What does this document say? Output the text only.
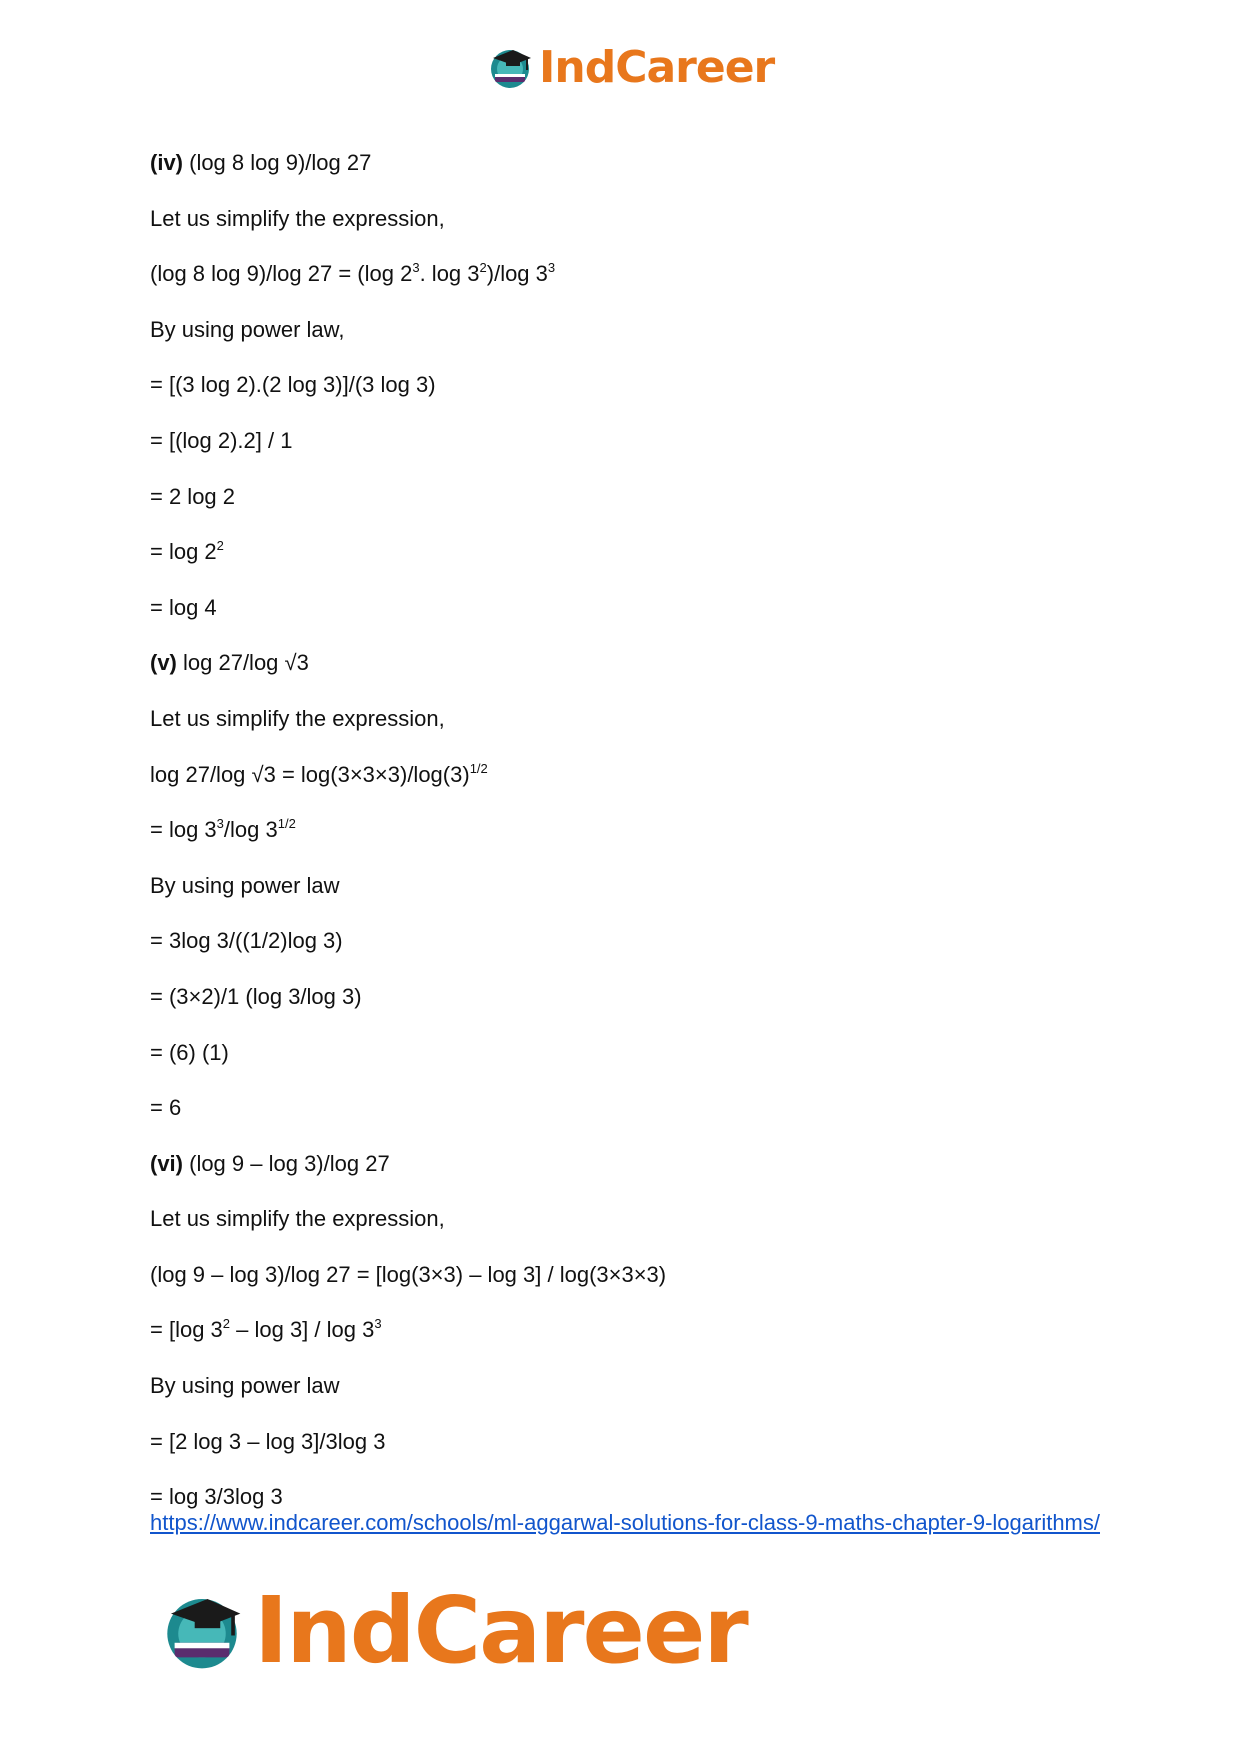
IndCareer
(iv) (log 8 log 9)/log 27
Let us simplify the expression,
(log 8 log 9)/log 27 = (log $2^3$. $\log 3^2)/\log$ $3^3$
By using power law,
= [(3 log 2).(2 log 3)]/(3 log 3)
= [(log 2).2] / 1
= 2 log 2
= $\log 2^2$
= log 4
(v) log 27/log √3
Let us simplify the expression,
log 27/log $√3 = \log(3\times 3\times 3)/\log(3)^{1/2}$
= $\log 3^3/\log$ $3^{1/2}$
By using power law
= 3log 3/((1/2)log 3)
= (3×2)/1 (log 3/log 3)
= (6) (1)
= 6
(vi) (log 9 – log 3)/log 27
Let us simplify the expression,
(log 9 – log 3)/log 27 = [log(3×3) – log 3] / log(3×3×3)
= [log $3^2$ – $\log 3] / \log 3^3$
By using power law
= [2 log 3 – log 3]/3log 3
= log 3/3log 3
https://www.indcareer.com/schools/ml-aggarwal-solutions-for-class-9-maths-chapter-9-logarithms/
IndCareer
